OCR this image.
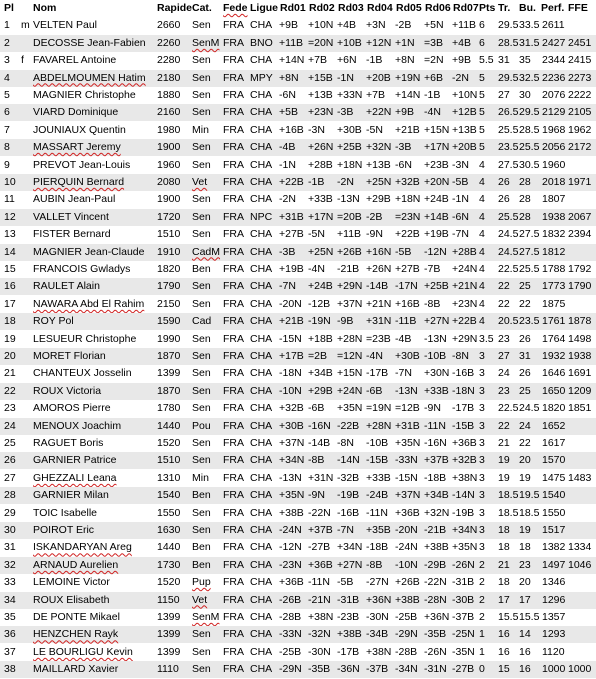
Pl Nom	Rapide Cat. Fede Ligue Rd01 Rd02 Rd03 Rd04 Rd05 Rd06 Rd07 Pts Tr. Bu. Perf. FFE
1 m VELTEN Paul	2660 Sen FRA CHA +9B +10N +4B +3N -2B +5N +11B 6 29.5 33.5 2611
2 DECOSSE Jean-Fabien 2260 SenM FRA BNO +11B =20N +10B +12N +1N =3B +4B 6 28.5 31.5 2427 2451
3 f FAVAREL Antoine	2280 Sen FRA CHA +14N +7B +6N -1B +8N =2N +9B 5.5 31 35 2344 2415
4 ABDELMOUMEN Hatim 2180 Sen FRA MPY +8N +15B -1N +20B +19N +6B -2N 5 29.5 32.5 2236 2273
5 MAGNIER Christophe 1880 Sen FRA CHA -6N +13B +33N +7B +14N -1B +10N 5 27 30 2076 2222
6 VIARD Dominique	2160 Sen FRA CHA +5B +23N -3B +22N +9B -4N +12B 5 26.5 29.5 2129 2105
7 JOUNIAUX Quentin	1980 Min FRA CHA +16B -3N +30B -5N +21B +15N +13B 5 25.5 28.5 1968 1962
8 MASSART Jeremy	1900 Sen FRA CHA -4B +26N +25B +32N -3B +17N +20B 5 23.5 25.5 2056 2172
9 PREVOT Jean-Louis	1960 Sen FRA CHA -1N +28B +18N +13B -6N +23B -3N 4 27.5 30.5 1960
10 PIERQUIN Bernard	2080 Vet FRA CHA +22B -1B -2N +25N +32B +20N -5B 4 26 28 2018 1971
11 AUBIN Jean-Paul	1900 Sen FRA CHA -2N +33B -13N +29B +18N +24B -1N 4 26 28 1807
12 VALLET Vincent	1720 Sen FRA NPC +31B +17N =20B -2B =23N +14B -6N 4 25.5 28 1938 2067
13 FISTER Bernard	1510 Sen FRA CHA +27B -5N +11B -9N +22B +19B -7N 4 24.5 27.5 1832 2394
14 MAGNIER Jean-Claude 1910 CadM FRA CHA -3B +25N +26B +16N -5B -12N +28B 4 24.5 27.5 1812
15 FRANCOIS Gwladys	1820 Ben FRA CHA +19B -4N -21B +26N +27B -7B +24N 4 22.5 25.5 1788 1792
16 RAULET Alain	1790 Sen FRA CHA -7N +24B +29N -14B -17N +25B +21N 4 22 25 1773 1790
17 NAWARA Abd El Rahim 2150 Sen FRA CHA -20N -12B +37N +21N +16B -8B +23N 4 22 22 1875
18 ROY Pol	1590 Cad FRA CHA +21B -19N -9B +31N -11B +27N +22B 4 20.5 23.5 1761 1878
19 LESUEUR Christophe 1990 Sen FRA CHA -15N +18B +28N =23B -4B -13N +29N 3.5 23 26 1764 1498
20 MORET Florian	1870 Sen FRA CHA +17B =2B =12N -4N +30B -10B -8N 3 27 31 1932 1938
21 CHANTEUX Josselin 1399 Sen FRA CHA -18N +34B +15N -17B -7N +30N -16B 3 24 26 1646 1691
22 ROUX Victoria	1870 Sen FRA CHA -10N +29B +24N -6B -13N +33B -18N 3 23 25 1650 1209
23 AMOROS Pierre	1780 Sen FRA CHA +32B -6B +35N =19N =12B -9N -17B 3 22.5 24.5 1820 1851
24 MENOUX Joachim	1440 Pou FRA CHA +30B -16N -22B +28N +31B -11N -15B 3 22 24 1652
25 RAGUET Boris	1520 Sen FRA CHA +37N -14B -8N -10B +35N -16N +36B 3 21 22 1617
26 GARNIER Patrice	1510 Sen FRA CHA +34N -8B -14N -15B -33N +37B +32B 3 19 20 1570
27 GHEZZALI Leana	1310 Min FRA CHA -13N +31N -32B +33B -15N -18B +38N 3 19 19 1475 1483
28 GARNIER Milan	1540 Ben FRA CHA +35N -9N -19B -24B +37N +34B -14N 3 18.5 19.5 1540
29 TOIC Isabelle	1550 Sen FRA CHA +38B -22N -16B -11N +36B +32N -19B 3 18.5 18.5 1550
30 POIROT Eric	1630 Sen FRA CHA -24N +37B -7N +35B -20N -21B +34N 3 18 19 1517
31 ISKANDARYAN Areg 1440 Ben FRA CHA -12N -27B +34N -18B -24N +38B +35N 3 18 18 1382 1334
32 ARNAUD Aurelien	1730 Ben FRA CHA -23N +36B +27N -8B -10N -29B -26N 2 21 23 1497 1046
33 LEMOINE Victor	1520 Pup FRA CHA +36B -11N -5B -27N +26B -22N -31B 2 18 20 1346
34 ROUX Elisabeth	1150 Vet FRA CHA -26B -21N -31B +36N +38B -28N -30B 2 17 17 1296
35 DE PONTE Mikael	1399 SenM FRA CHA -28B +38N -23B -30N -25B +36N -37B 2 15.5 15.5 1357
36 HENZCHEN Rayk	1399 Sen FRA CHA -33N -32N +38B -34B -29N -35B -25N 1 16 14 1293
37 LE BOURLIGU Kevin 1399 Sen FRA CHA -25B -30N -17B +38N -28B -26N -35N 1 16 16 1120
38 MAILLARD Xavier	1110 Sen FRA CHA -29N -35B -36N -37B -34N -31N -27B 0 15 16 1000 1000
